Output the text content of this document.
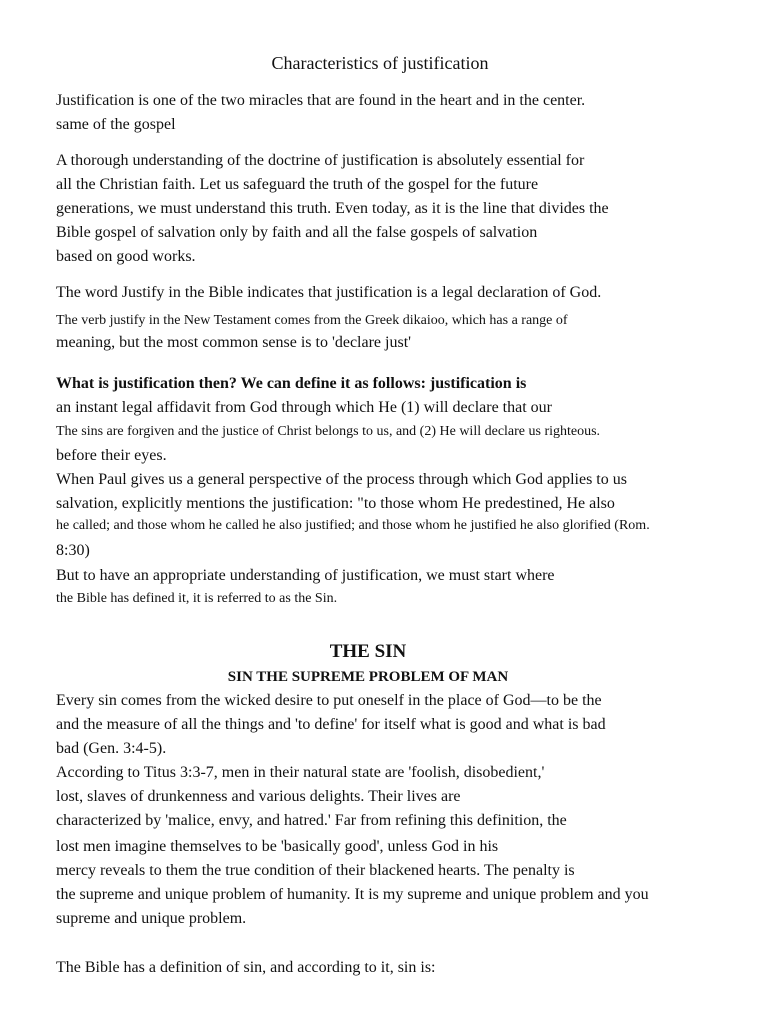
Characteristics of justification
Justification is one of the two miracles that are found in the heart and in the center.
same of the gospel
A thorough understanding of the doctrine of justification is absolutely essential for
all the Christian faith. Let us safeguard the truth of the gospel for the future
generations, we must understand this truth. Even today, as it is the line that divides the
Bible gospel of salvation only by faith and all the false gospels of salvation
based on good works.
The word Justify in the Bible indicates that justification is a legal declaration of God.
The verb justify in the New Testament comes from the Greek dikaioo, which has a range of
meaning, but the most common sense is to 'declare just'
What is justification then? We can define it as follows: justification is
an instant legal affidavit from God through which He (1) will declare that our
The sins are forgiven and the justice of Christ belongs to us, and (2) He will declare us righteous.
before their eyes.
When Paul gives us a general perspective of the process through which God applies to us
salvation, explicitly mentions the justification: "to those whom He predestined, He also
he called; and those whom he called he also justified; and those whom he justified he also glorified (Rom.
8:30)
But to have an appropriate understanding of justification, we must start where
the Bible has defined it, it is referred to as the Sin.
THE SIN
SIN THE SUPREME PROBLEM OF MAN
Every sin comes from the wicked desire to put oneself in the place of God—to be the
and the measure of all the things and 'to define' for itself what is good and what is bad
bad (Gen. 3:4-5).
According to Titus 3:3-7, men in their natural state are 'foolish, disobedient,'
lost, slaves of drunkenness and various delights. Their lives are
characterized by 'malice, envy, and hatred.' Far from refining this definition, the
lost men imagine themselves to be 'basically good', unless God in his
mercy reveals to them the true condition of their blackened hearts. The penalty is
the supreme and unique problem of humanity. It is my supreme and unique problem and you
supreme and unique problem.
The Bible has a definition of sin, and according to it, sin is:
